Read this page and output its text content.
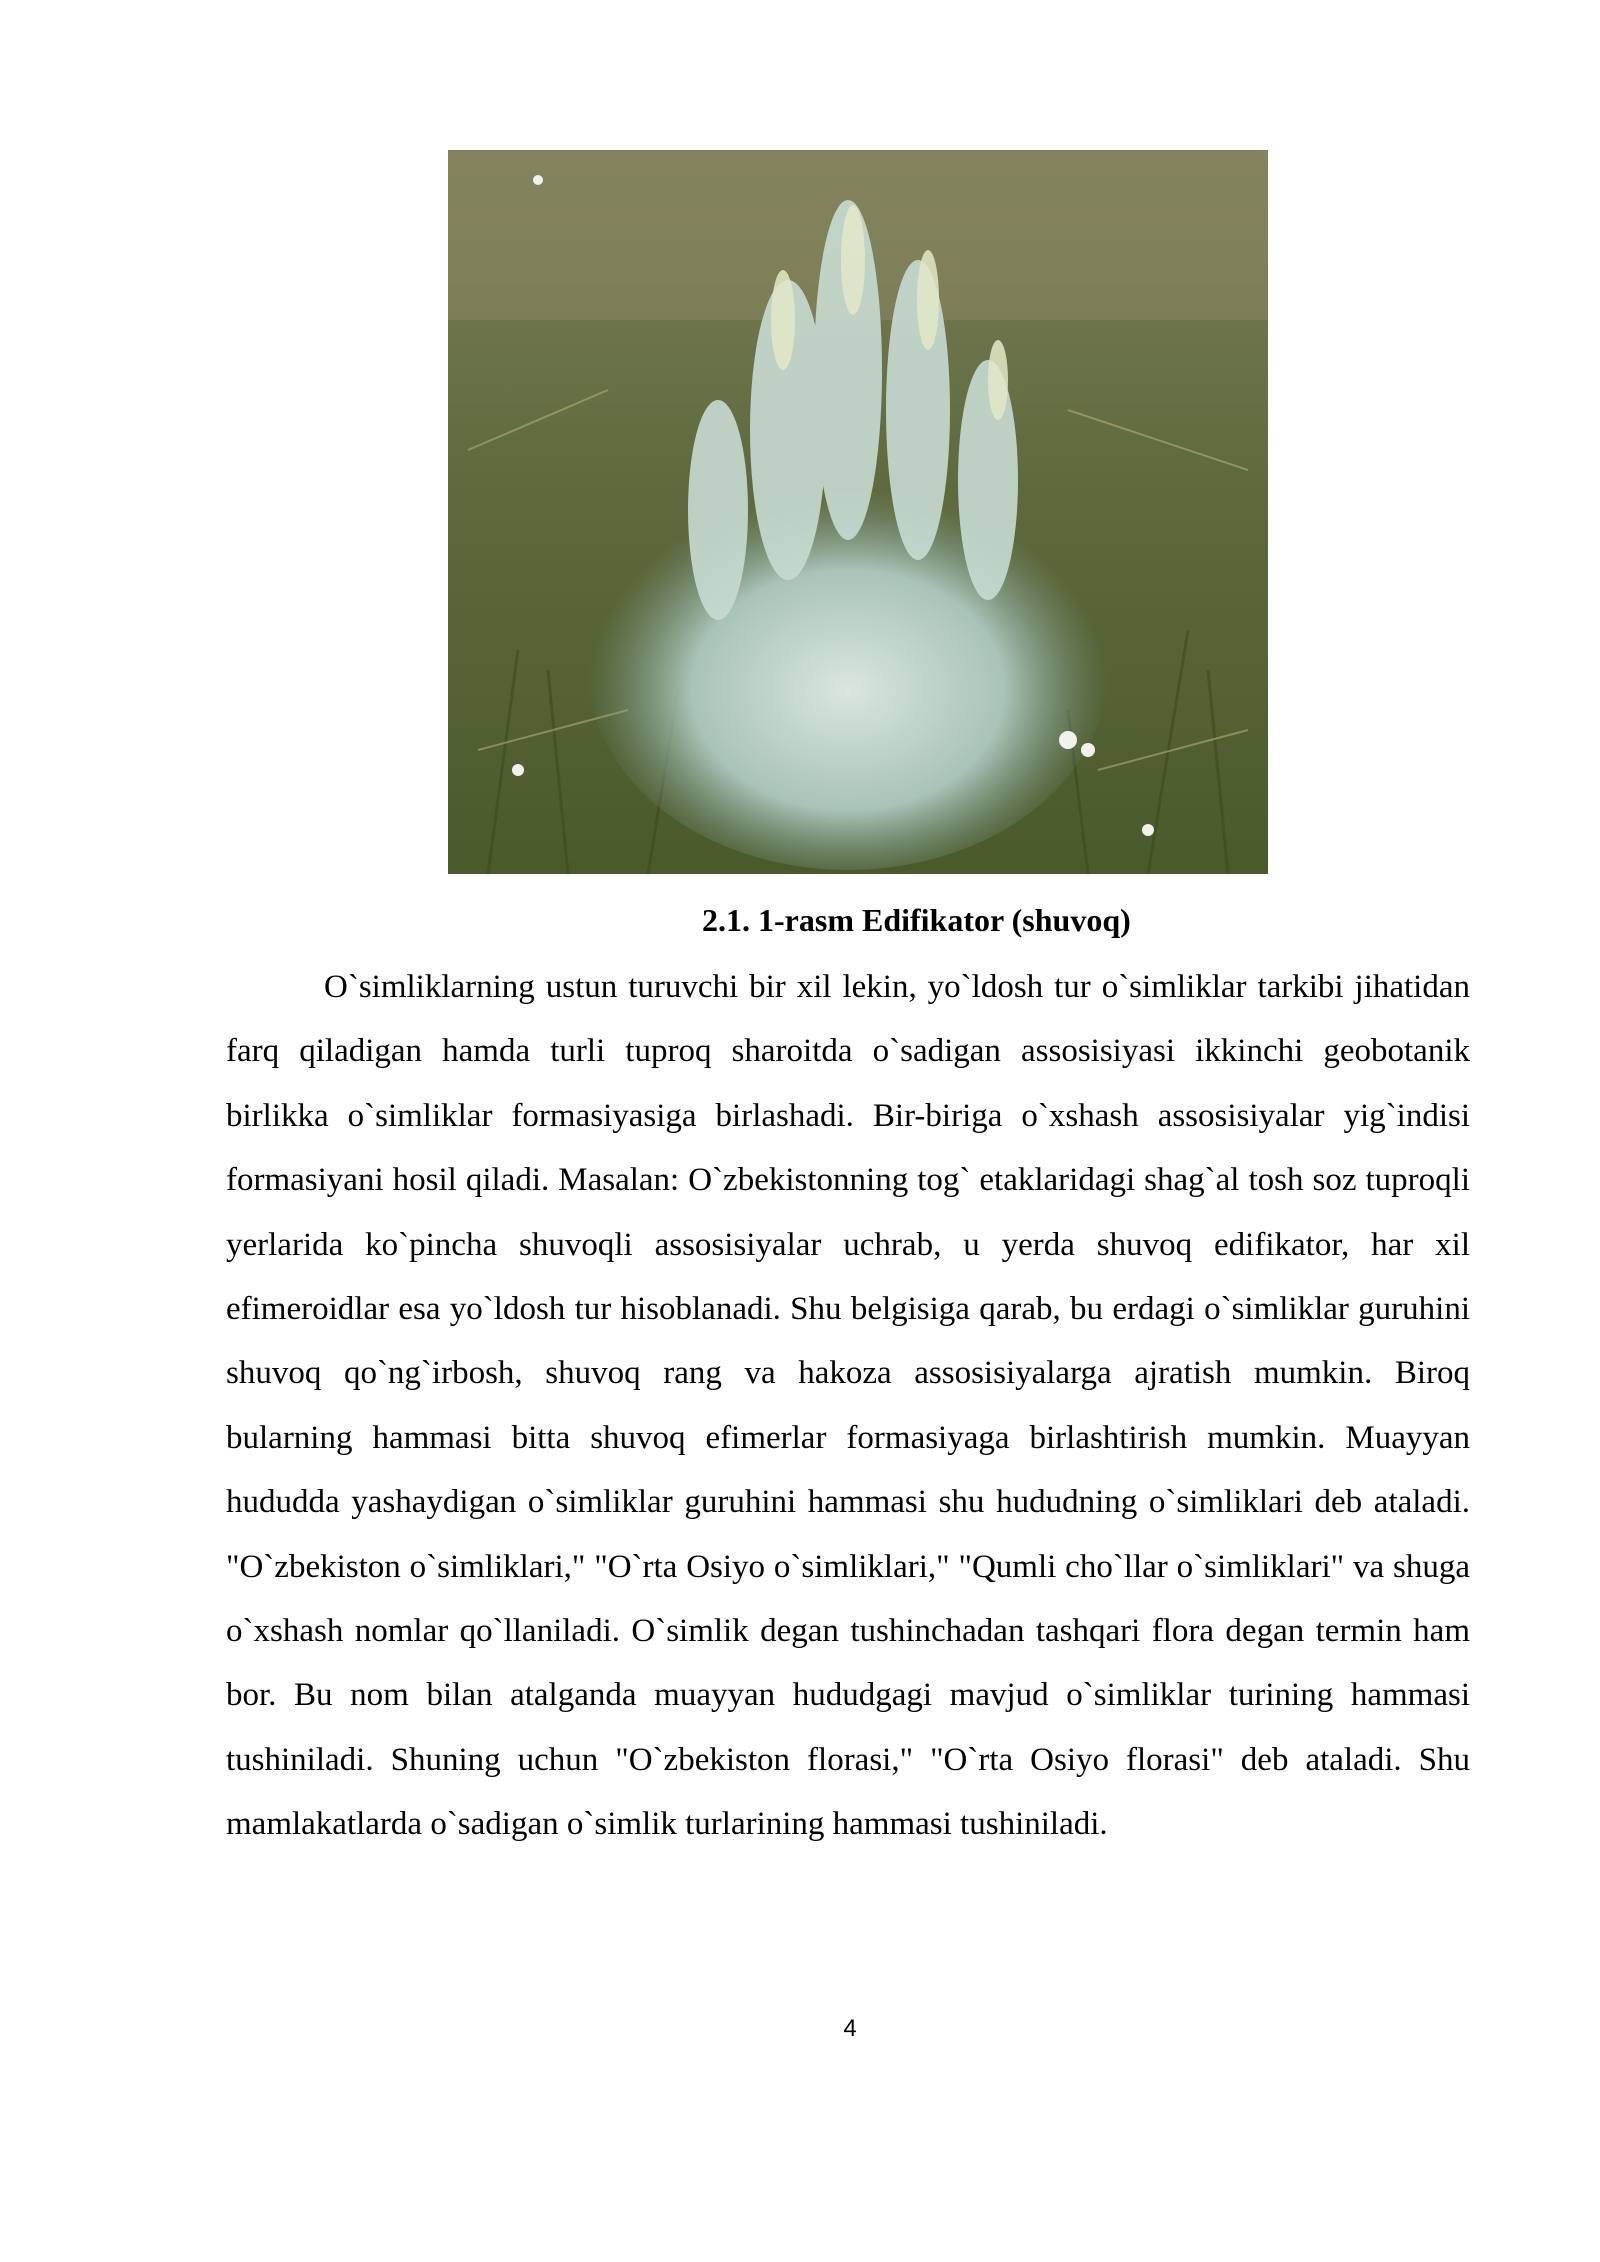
2.1. 1-rasm Edifikator (shuvoq)

O`simliklarning ustun turuvchi bir xil lekin, yo`ldosh tur o`simliklar tarkibi jihatidan farq qiladigan hamda turli tuproq sharoitda o`sadigan assosisiyasi ikkinchi geobotanik birlikka o`simliklar formasiyasiga birlashadi. Bir-biriga o`xshash assosisiyalar yig`indisi formasiyani hosil qiladi. Masalan: O`zbekistonning tog` etaklaridagi shag`al tosh soz tuproqli yerlarida ko`pincha shuvoqli assosisiyalar uchrab, u yerda shuvoq edifikator, har xil efimeroidlar esa yo`ldosh tur hisoblanadi. Shu belgisiga qarab, bu erdagi o`simliklar guruhini shuvoq qo`ng`irbosh, shuvoq rang va hakoza assosisiyalarga ajratish mumkin. Biroq bularning hammasi bitta shuvoq efimerlar formasiyaga birlashtirish mumkin. Muayyan hududda yashaydigan o`simliklar guruhini hammasi shu hududning o`simliklari deb ataladi. "O`zbekiston o`simliklari," "O`rta Osiyo o`simliklari," "Qumli cho`llar o`simliklari" va shuga o`xshash nomlar qo`llaniladi. O`simlik degan tushinchadan tashqari flora degan termin ham bor. Bu nom bilan atalganda muayyan hududgagi mavjud o`simliklar turining hammasi tushiniladi. Shuning uchun "O`zbekiston florasi," "O`rta Osiyo florasi" deb ataladi. Shu mamlakatlarda o`sadigan o`simlik turlarining hammasi tushiniladi.

4
